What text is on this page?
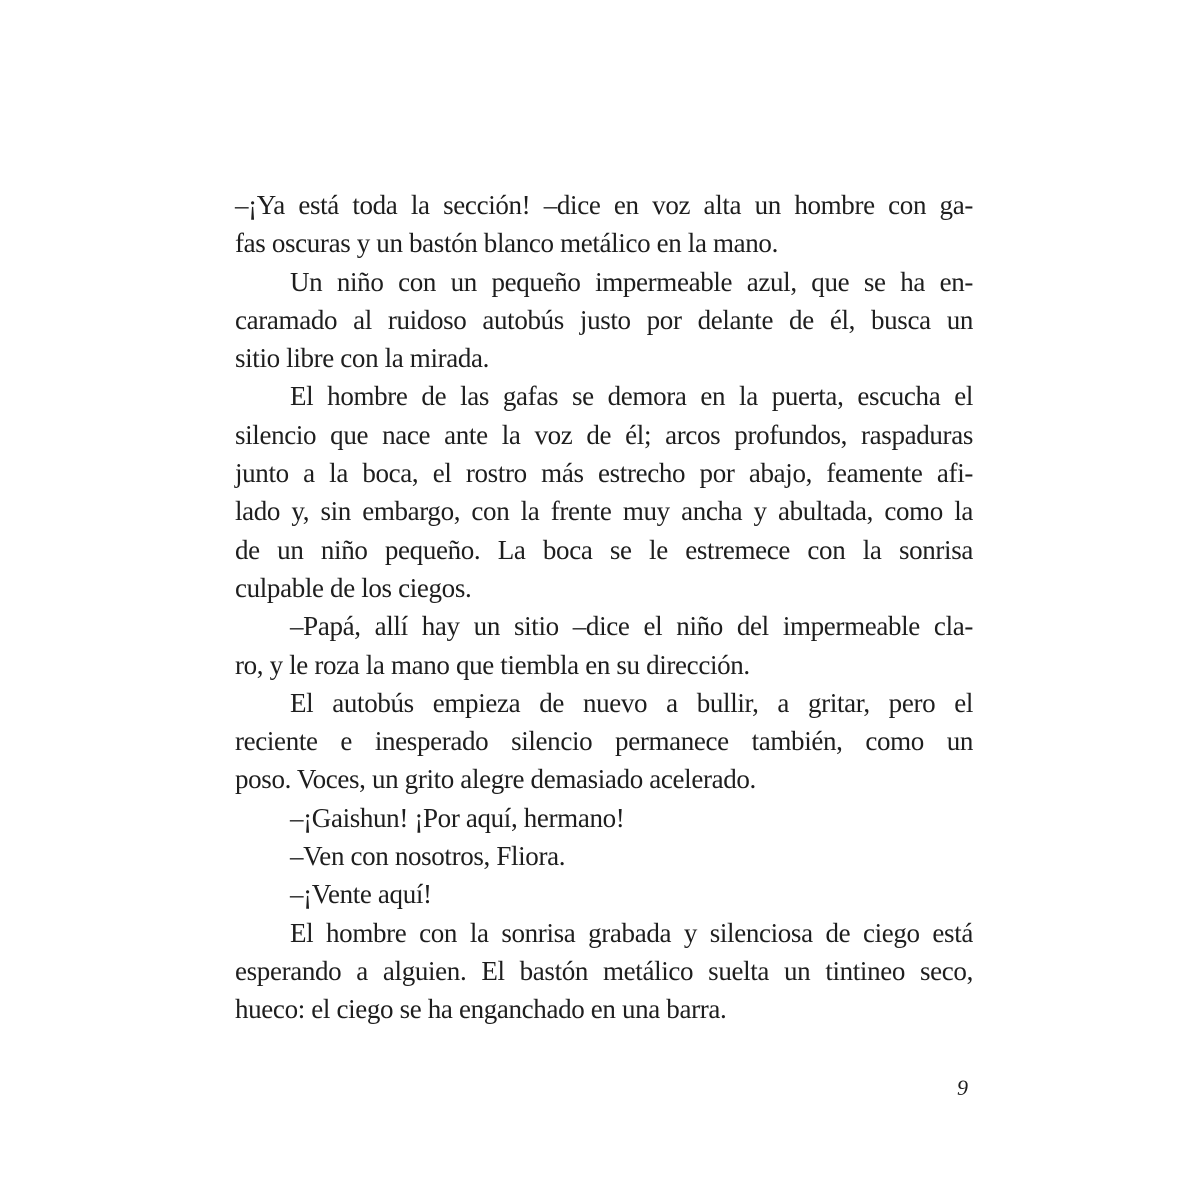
–¡Ya está toda la sección! –dice en voz alta un hombre con ga-
fas oscuras y un bastón blanco metálico en la mano.
Un niño con un pequeño impermeable azul, que se ha en-
caramado al ruidoso autobús justo por delante de él, busca un
sitio libre con la mirada.
El hombre de las gafas se demora en la puerta, escucha el
silencio que nace ante la voz de él; arcos profundos, raspaduras
junto a la boca, el rostro más estrecho por abajo, feamente afi-
lado y, sin embargo, con la frente muy ancha y abultada, como la
de un niño pequeño. La boca se le estremece con la sonrisa
culpable de los ciegos.
–Papá, allí hay un sitio –dice el niño del impermeable cla-
ro, y le roza la mano que tiembla en su dirección.
El autobús empieza de nuevo a bullir, a gritar, pero el
reciente e inesperado silencio permanece también, como un
poso. Voces, un grito alegre demasiado acelerado.
–¡Gaishun! ¡Por aquí, hermano!
–Ven con nosotros, Fliora.
–¡Vente aquí!
El hombre con la sonrisa grabada y silenciosa de ciego está
esperando a alguien. El bastón metálico suelta un tintineo seco,
hueco: el ciego se ha enganchado en una barra.
9
